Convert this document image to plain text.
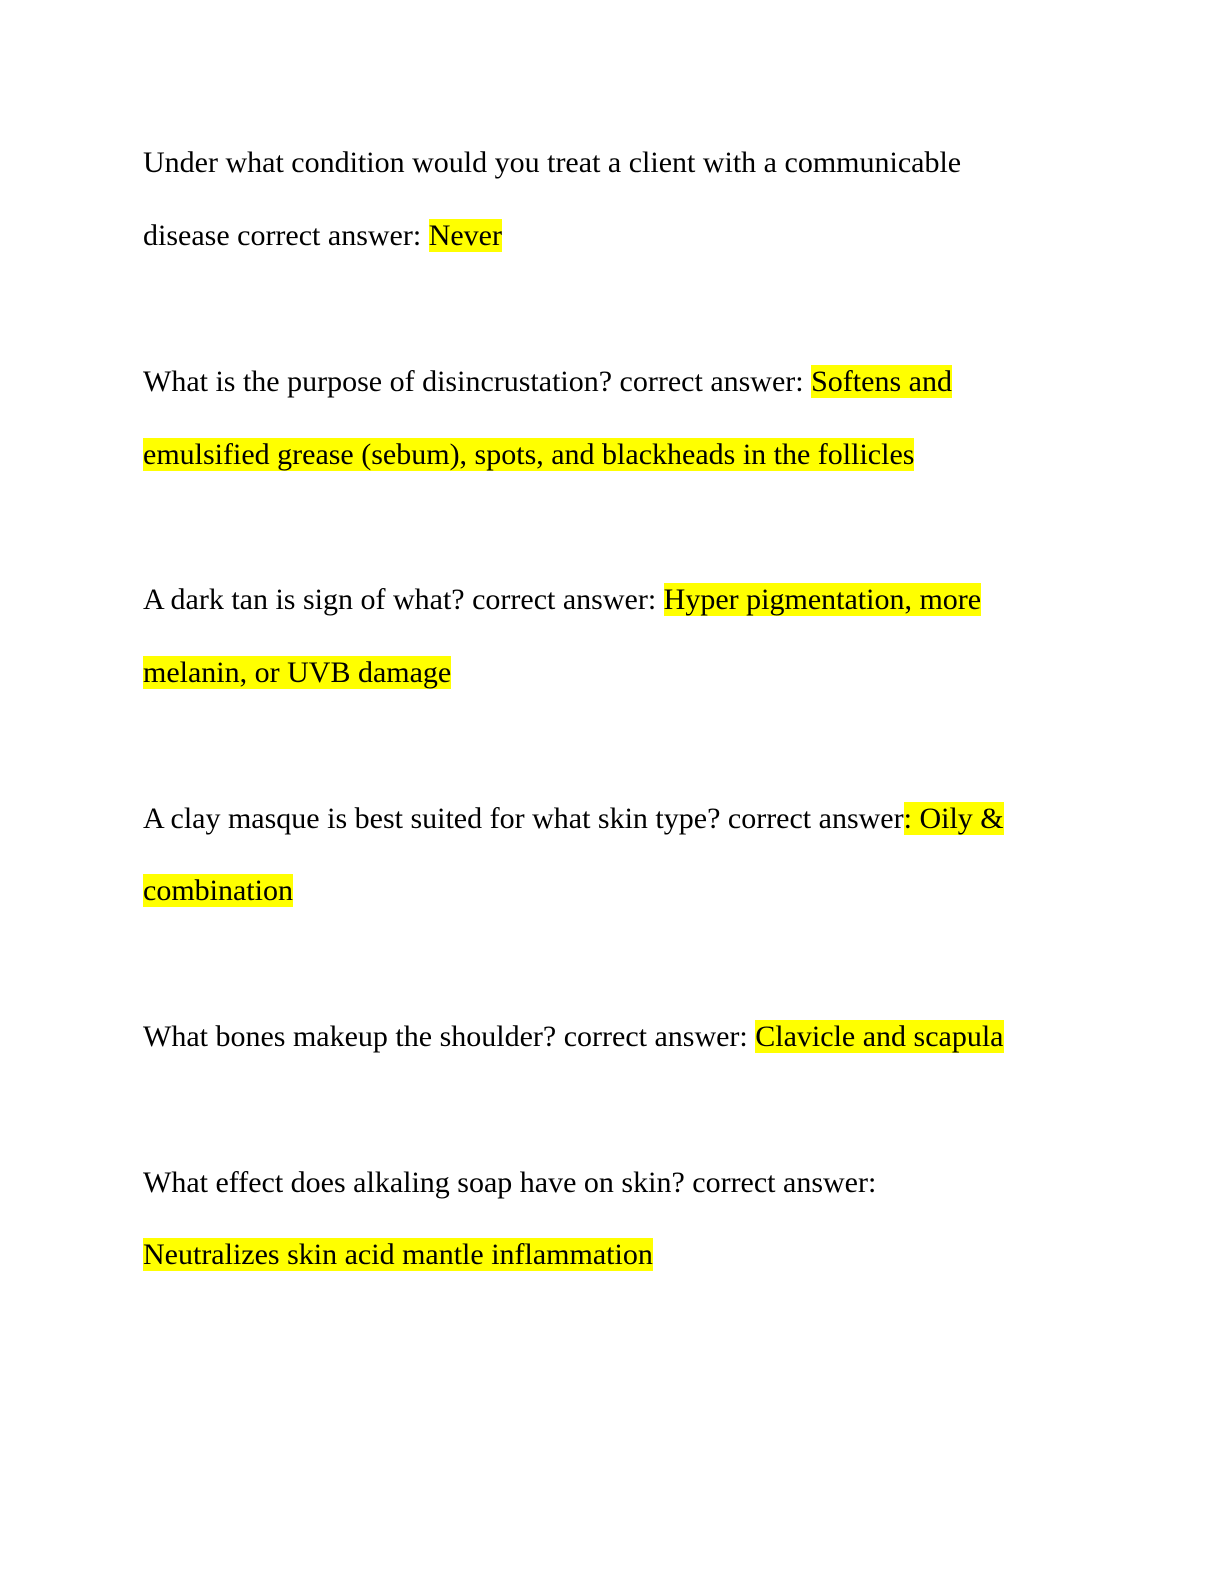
Under what condition would you treat a client with a communicable
disease correct answer: Never
What is the purpose of disincrustation? correct answer: Softens and
emulsified grease (sebum), spots, and blackheads in the follicles
A dark tan is sign of what? correct answer: Hyper pigmentation, more
melanin, or UVB damage
A clay masque is best suited for what skin type? correct answer: Oily &
combination
What bones makeup the shoulder? correct answer: Clavicle and scapula
What effect does alkaling soap have on skin? correct answer:
Neutralizes skin acid mantle inflammation
